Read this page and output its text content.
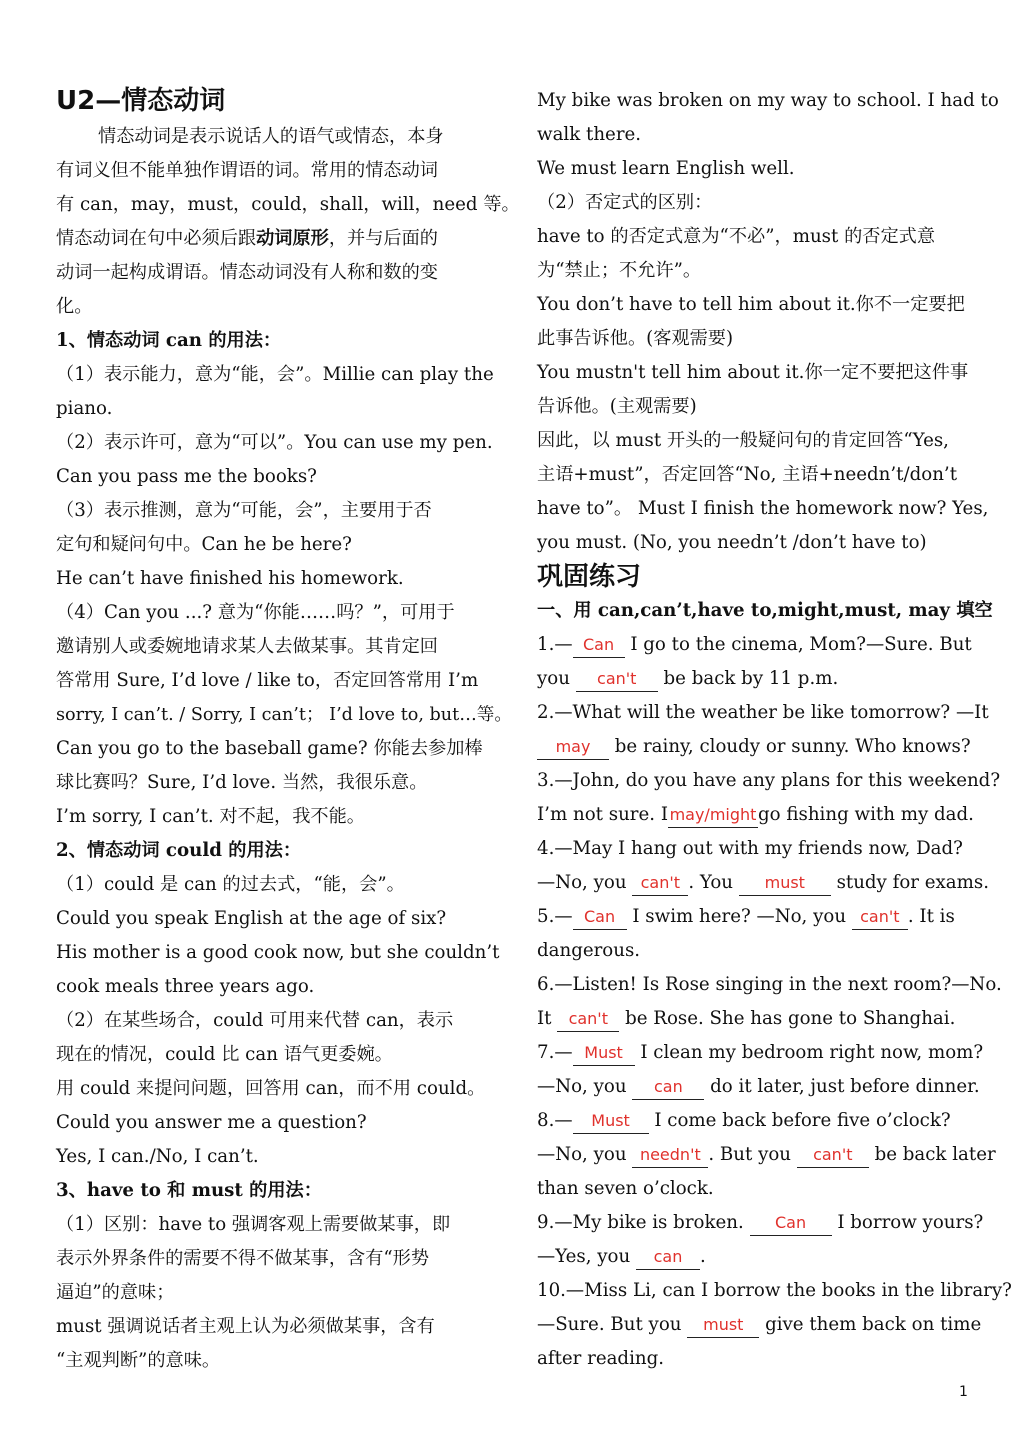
U2—情态动词
情态动词是表示说话人的语气或情态，本身
有词义但不能单独作谓语的词。常用的情态动词
有 can，may，must，could，shall，will，need 等。
情态动词在句中必须后跟动词原形，并与后面的
动词一起构成谓语。情态动词没有人称和数的变
化。
1、情态动词 can 的用法：
（1）表示能力，意为“能，会”。Millie can play the
piano.
（2）表示许可，意为“可以”。You can use my pen.
Can you pass me the books?
（3）表示推测，意为“可能，会”，主要用于否
定句和疑问句中。Can he be here?
He can’t have finished his homework.
（4）Can you ...? 意为“你能……吗？”，可用于
邀请别人或委婉地请求某人去做某事。其肯定回
答常用 Sure, I’d love / like to，否定回答常用 I’m
sorry, I can’t. / Sorry, I can’t； I’d love to, but…等。
Can you go to the baseball game? 你能去参加棒
球比赛吗？Sure, I’d love. 当然，我很乐意。
I’m sorry, I can’t. 对不起，我不能。
2、情态动词 could 的用法：
（1）could 是 can 的过去式，“能，会”。
Could you speak English at the age of six?
His mother is a good cook now, but she couldn’t
cook meals three years ago.
（2）在某些场合，could 可用来代替 can，表示
现在的情况，could 比 can 语气更委婉。
用 could 来提问问题，回答用 can，而不用 could。
Could you answer me a question?
Yes, I can./No, I can’t.
3、have to 和 must 的用法：
（1）区别：have to 强调客观上需要做某事，即
表示外界条件的需要不得不做某事，含有“形势
逼迫”的意味；
must 强调说话者主观上认为必须做某事，含有
“主观判断”的意味。
My bike was broken on my way to school. I had to
walk there.
We must learn English well.
（2）否定式的区别：
have to 的否定式意为“不必”，must 的否定式意
为“禁止；不允许”。
You don’t have to tell him about it.你不一定要把
此事告诉他。(客观需要)
You mustn't tell him about it.你一定不要把这件事
告诉他。(主观需要)
因此，以 must 开头的一般疑问句的肯定回答“Yes,
主语+must”，否定回答“No, 主语+needn’t/don’t
have to”。 Must I finish the homework now? Yes,
you must. (No, you needn’t /don’t have to)
巩固练习
一、用 can,can’t,have to,might,must, may 填空
1.— Can I go to the cinema, Mom?—Sure. But
you can't be back by 11 p.m.
2.—What will the weather be like tomorrow? —It
may be rainy, cloudy or sunny. Who knows?
3.—John, do you have any plans for this weekend?
I’m not sure. Imay/mightgo fishing with my dad.
4.—May I hang out with my friends now, Dad?
—No, you can't . You must study for exams.
5.— Can I swim here? —No, you can't . It is
dangerous.
6.—Listen! Is Rose singing in the next room?—No.
It can't be Rose. She has gone to Shanghai.
7.— Must I clean my bedroom right now, mom?
—No, you can do it later, just before dinner.
8.— Must I come back before five o’clock?
—No, you needn't . But you can't be back later
than seven o’clock.
9.—My bike is broken. Can I borrow yours?
—Yes, you can .
10.—Miss Li, can I borrow the books in the library?
—Sure. But you must give them back on time
after reading.
1
